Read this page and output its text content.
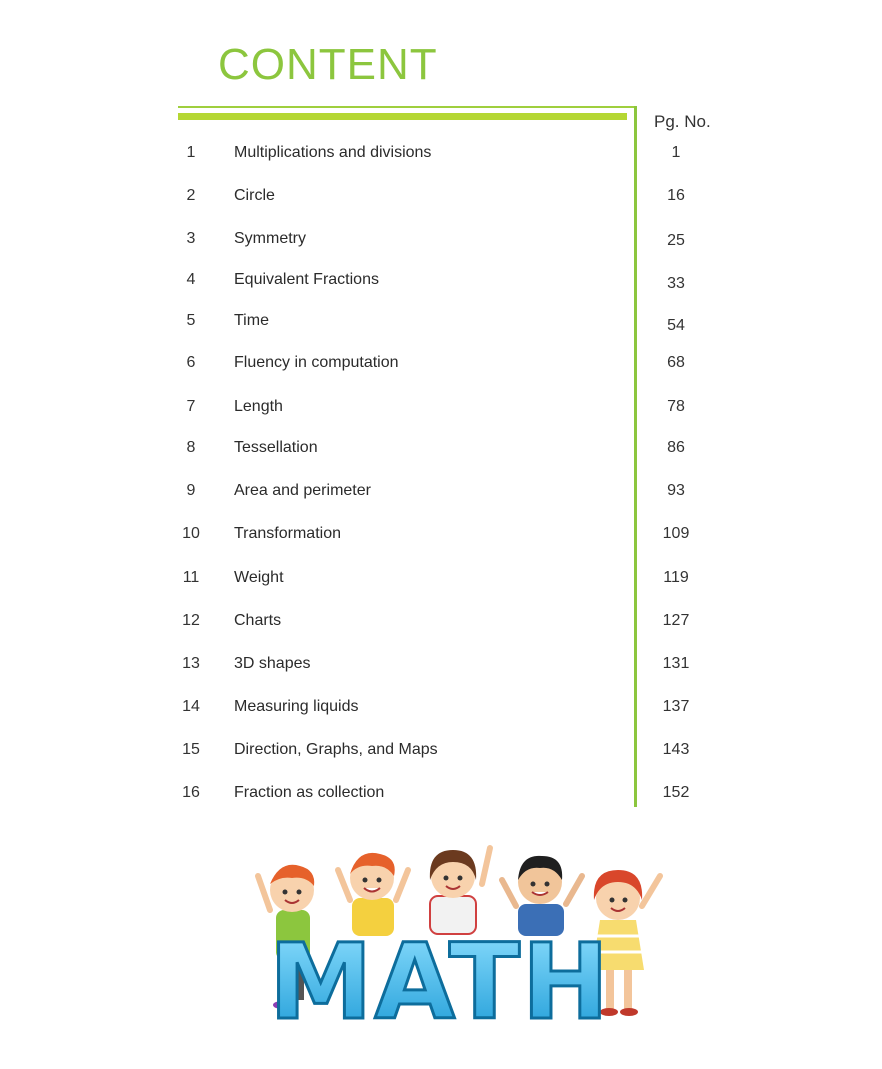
CONTENT
Pg. No.
1	Multiplications and divisions	1
2	Circle	16
3	Symmetry	25
4	Equivalent Fractions	33
5	Time	54
6	Fluency in computation	68
7	Length	78
8	Tessellation	86
9	Area and perimeter	93
10	Transformation	109
11	Weight	119
12	Charts	127
13	3D shapes	131
14	Measuring liquids	137
15	Direction, Graphs, and Maps	143
16	Fraction as collection	152
MATH
